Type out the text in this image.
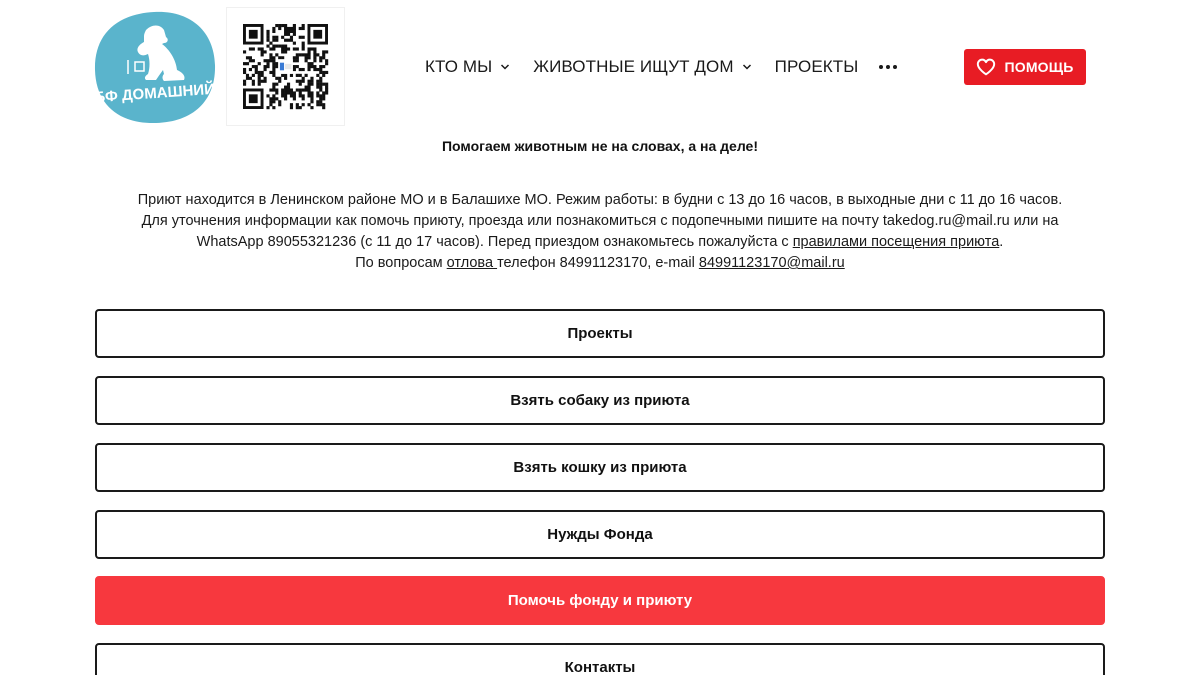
БФ ДОМАШНИЙ
КТО МЫ ЖИВОТНЫЕ ИЩУТ ДОМ ПРОЕКТЫ	ПОМОЩЬ
Помогаем животным не на словах, а на деле!
Приют находится в Ленинском районе МО и в Балашихе МО. Режим работы: в будни с 13 до 16 часов, в выходные дни с 11 до 16 часов.
Для уточнения информации как помочь приюту, проезда или познакомиться с подопечными пишите на почту takedog.ru@mail.ru или на WhatsApp 89055321236 (с 11 до 17 часов). Перед приездом ознакомьтесь пожалуйста с правилами посещения приюта.
По вопросам отлова телефон 84991123170, e-mail 84991123170@mail.ru
Проекты
Взять собаку из приюта
Взять кошку из приюта
Нужды Фонда
Помочь фонду и приюту
Контакты
